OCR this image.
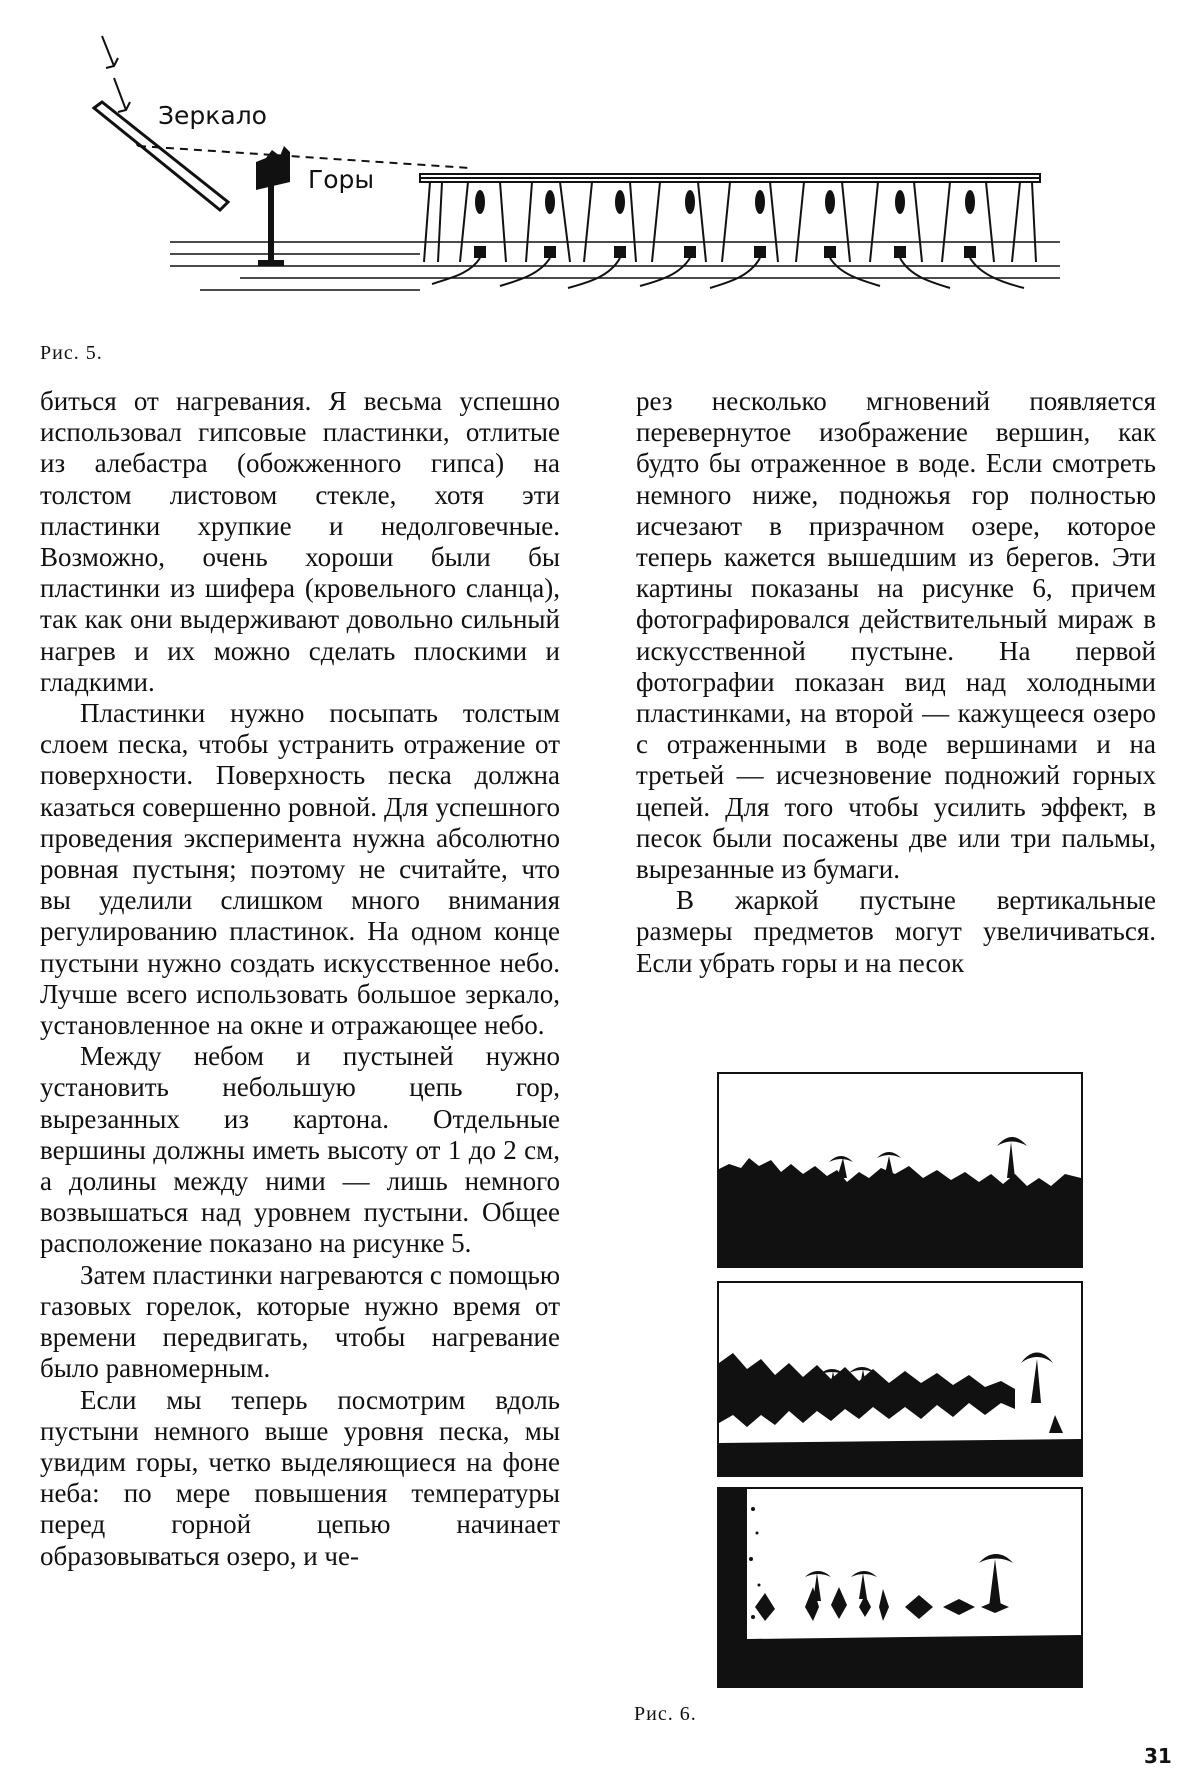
Зеркало
Горы
Рис. 5.

биться от нагревания. Я весьма успешно использовал гипсовые пластинки, отлитые из алебастра (обожженного гипса) на толстом листовом стекле, хотя эти пластинки хрупкие и недолговечные. Возможно, очень хороши были бы пластинки из шифера (кровельного сланца), так как они выдерживают довольно сильный нагрев и их можно сделать плоскими и гладкими.

Пластинки нужно посыпать толстым слоем песка, чтобы устранить отражение от поверхности. Поверхность песка должна казаться совершенно ровной. Для успешного проведения эксперимента нужна абсолютно ровная пустыня; поэтому не считайте, что вы уделили слишком много внимания регулированию пластинок. На одном конце пустыни нужно создать искусственное небо. Лучше всего использовать большое зеркало, установленное на окне и отражающее небо.

Между небом и пустыней нужно установить небольшую цепь гор, вырезанных из картона. Отдельные вершины должны иметь высоту от 1 до 2 см, а долины между ними — лишь немного возвышаться над уровнем пустыни. Общее расположение показано на рисунке 5.

Затем пластинки нагреваются с помощью газовых горелок, которые нужно время от времени передвигать, чтобы нагревание было равномерным.

Если мы теперь посмотрим вдоль пустыни немного выше уровня песка, мы увидим горы, четко выделяющиеся на фоне неба: по мере повышения температуры перед горной цепью начинает образовываться озеро, и че-

рез несколько мгновений появляется перевернутое изображение вершин, как будто бы отраженное в воде. Если смотреть немного ниже, подножья гор полностью исчезают в призрачном озере, которое теперь кажется вышедшим из берегов. Эти картины показаны на рисунке 6, причем фотографировался действительный мираж в искусственной пустыне. На первой фотографии показан вид над холодными пластинками, на второй — кажущееся озеро с отраженными в воде вершинами и на третьей — исчезновение подножий горных цепей. Для того чтобы усилить эффект, в песок были посажены две или три пальмы, вырезанные из бумаги.

В жаркой пустыне вертикальные размеры предметов могут увеличиваться. Если убрать горы и на песок

Рис. 6.
31
